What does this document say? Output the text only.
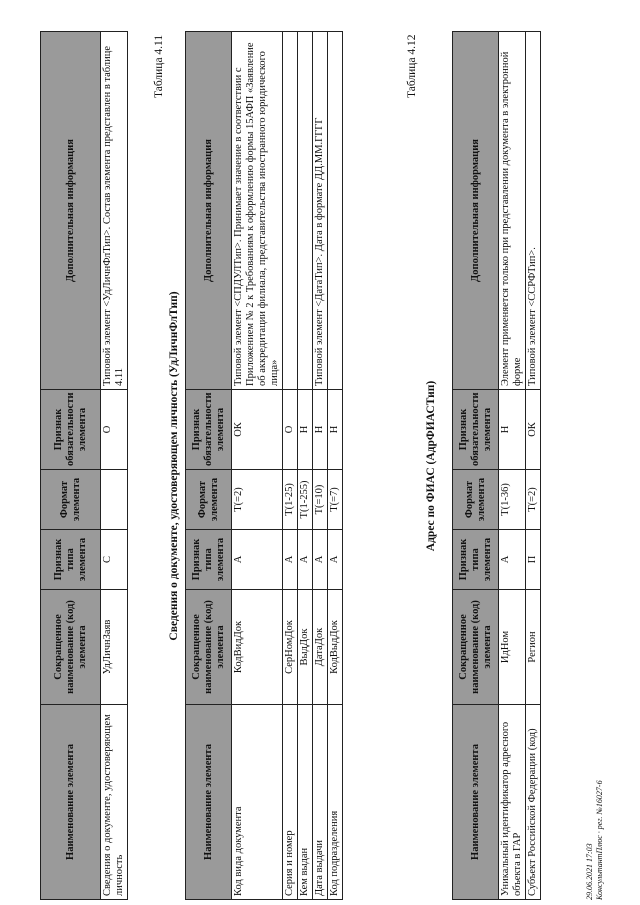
Наименование элемента	Сокращенное наименование (код) элемента	Признак типа элемента	Формат элемента	Признак обязательности элемента	Дополнительная информация
Сведения о документе, удостоверяющем личность	УдЛичнЗаяв	С		О	Типовой элемент <УдЛичнФлТип>. Состав элемента представлен в таблице 4.11
Таблица 4.11
Сведения о документе, удостоверяющем личность (УдЛичнФлТип)
Наименование элемента	Сокращенное наименование (код) элемента	Признак типа элемента	Формат элемента	Признак обязательности элемента	Дополнительная информация
Код вида документа	КодВидДок	А	T(=2)	ОК	Типовой элемент <СПДУЛТип>. Принимает значение в соответствии с Приложением № 2 к Требованиям к оформлению формы 15АФП «Заявление об аккредитации филиала, представительства иностранного юридического лица»
Серия и номер	СерНомДок	А	T(1-25)	О	
Кем выдан	ВыдДок	А	T(1-255)	Н	
Дата выдачи	ДатаДок	А	T(=10)	Н	Типовой элемент <ДатаТип>. Дата в формате ДД.ММ.ГГГГ
Код подразделения	КодВыдДок	А	T(=7)	Н	
Таблица 4.12
Адрес по ФИАС (АдрФИАСТип)
Наименование элемента	Сокращенное наименование (код) элемента	Признак типа элемента	Формат элемента	Признак обязательности элемента	Дополнительная информация
Уникальный идентификатор адресного объекта в ГАР	ИдНом	А	T(1-36)	Н	Элемент применяется только при представлении документа в электронной форме
Субъект Российской Федерации (код)	Регион	П	T(=2)	ОК	Типовой элемент <ССРФТип>.
29.06.2021 17:03 КонсультантПлюс · рег. №16027-6
